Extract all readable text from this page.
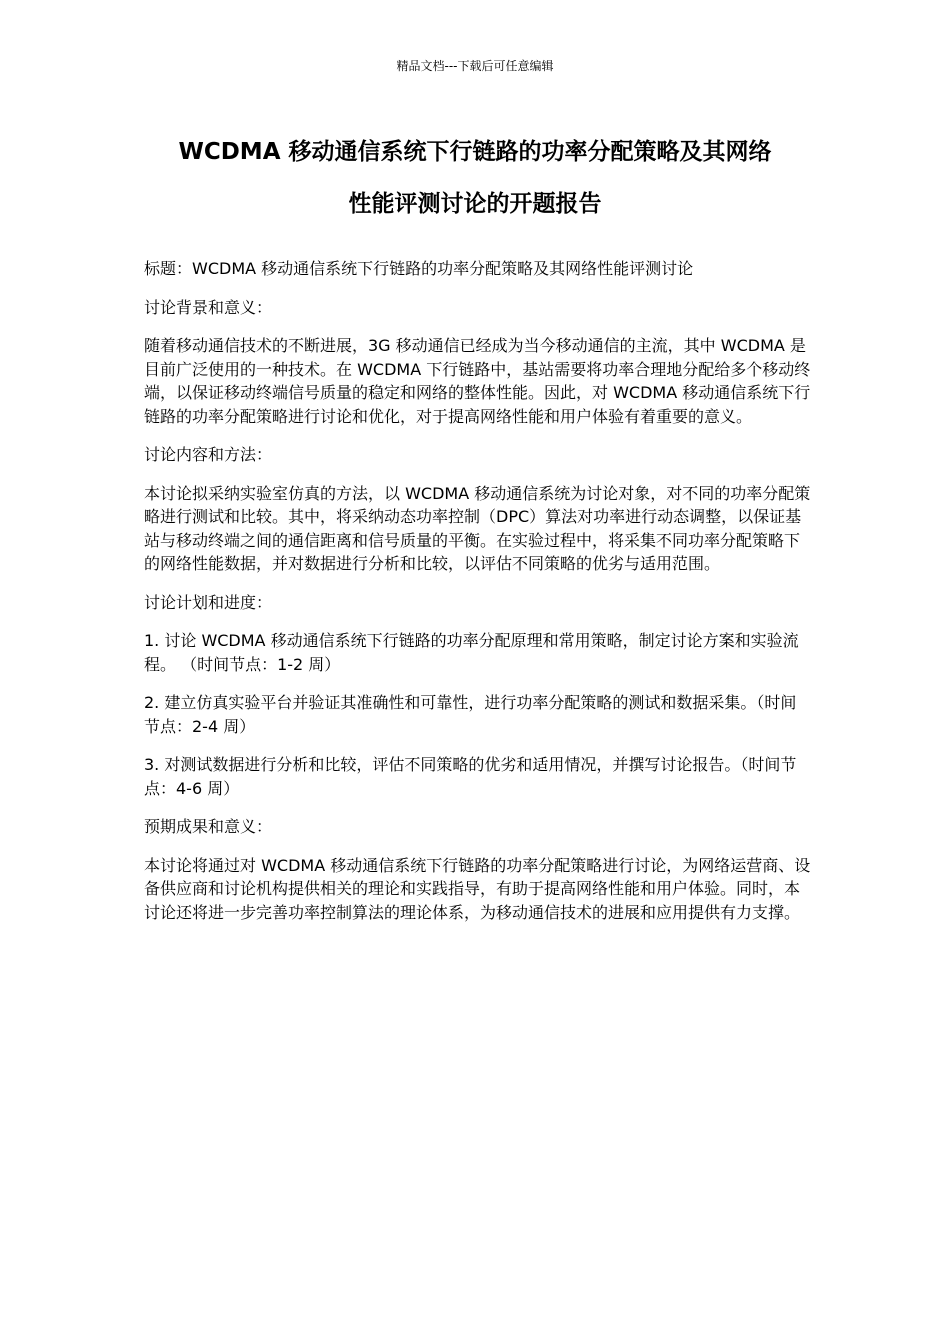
精品文档---下载后可任意编辑
WCDMA 移动通信系统下行链路的功率分配策略及其网络
性能评测讨论的开题报告

标题：WCDMA 移动通信系统下行链路的功率分配策略及其网络性能评测讨论

讨论背景和意义：

随着移动通信技术的不断进展，3G 移动通信已经成为当今移动通信的主流，其中 WCDMA 是目前广泛使用的一种技术。在 WCDMA 下行链路中，基站需要将功率合理地分配给多个移动终端，以保证移动终端信号质量的稳定和网络的整体性能。因此，对 WCDMA 移动通信系统下行链路的功率分配策略进行讨论和优化，对于提高网络性能和用户体验有着重要的意义。

讨论内容和方法：

本讨论拟采纳实验室仿真的方法，以 WCDMA 移动通信系统为讨论对象，对不同的功率分配策略进行测试和比较。其中，将采纳动态功率控制（DPC）算法对功率进行动态调整，以保证基站与移动终端之间的通信距离和信号质量的平衡。在实验过程中，将采集不同功率分配策略下的网络性能数据，并对数据进行分析和比较，以评估不同策略的优劣与适用范围。

讨论计划和进度：

1. 讨论 WCDMA 移动通信系统下行链路的功率分配原理和常用策略，制定讨论方案和实验流程。 （时间节点：1-2 周）

2. 建立仿真实验平台并验证其准确性和可靠性，进行功率分配策略的测试和数据采集。（时间节点：2-4 周）

3. 对测试数据进行分析和比较，评估不同策略的优劣和适用情况，并撰写讨论报告。（时间节点：4-6 周）

预期成果和意义：

本讨论将通过对 WCDMA 移动通信系统下行链路的功率分配策略进行讨论，为网络运营商、设备供应商和讨论机构提供相关的理论和实践指导，有助于提高网络性能和用户体验。同时，本讨论还将进一步完善功率控制算法的理论体系，为移动通信技术的进展和应用提供有力支撑。
